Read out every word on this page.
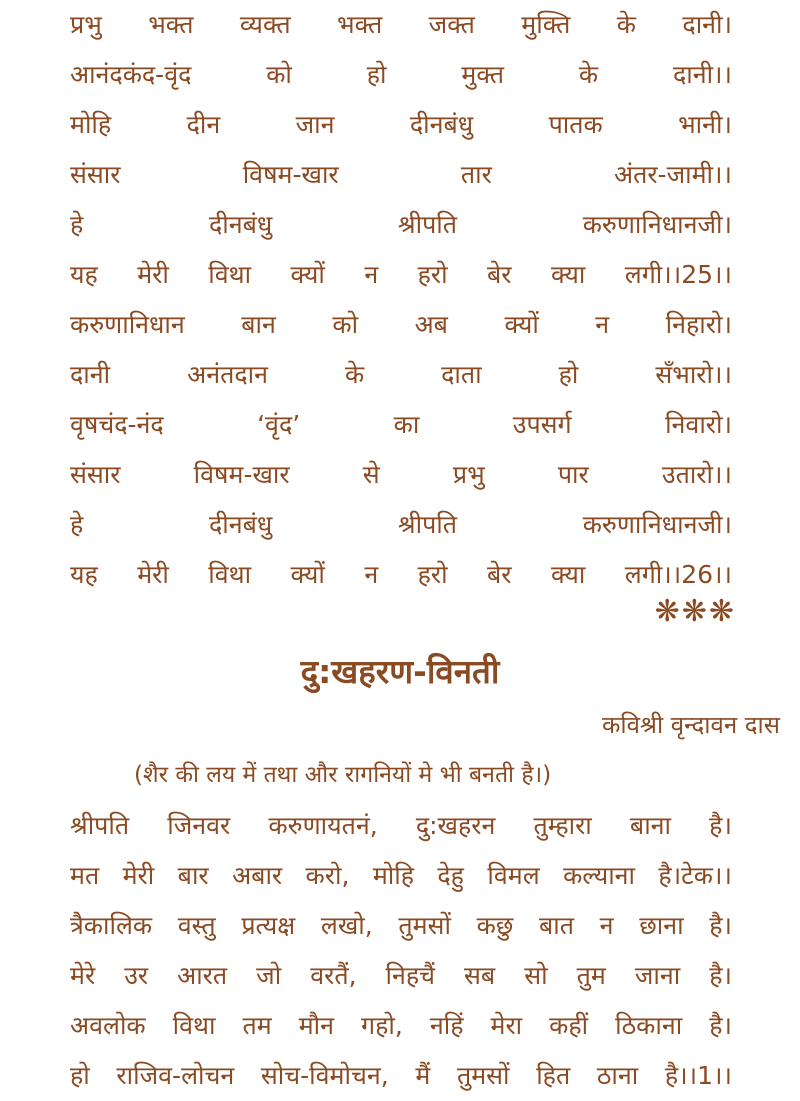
प्रभु भक्त व्यक्त भक्त जक्त मुक्ति के दानी।
आनंदकंद-वृंद	को	हो	मुक्त	के	दानी।।
मोहि	दीन	जान	दीनबंधु	पातक	भानी।
संसार	विषम-खार	तार	अंतर-जामी।।
हे	दीनबंधु	श्रीपति	करुणानिधानजी।
यह मेरी विथा क्यों न हरो बेर क्या लगी।।25।।
करुणानिधान बान को अब क्यों न निहारो।
दानी	अनंतदान	के	दाता	हो	सँभारो।।
वृषचंद-नंद	‘वृंद’	का	उपसर्ग	निवारो।
संसार	विषम-खार	से	प्रभु	पार	उतारो।।
हे	दीनबंधु	श्रीपति	करुणानिधानजी।
यह मेरी विथा क्यों न हरो बेर क्या लगी।।26।।
❋❋❋
दु:खहरण-विनती
कविश्री वृन्दावन दास
(शैर की लय में तथा और रागनियों मे भी बनती है।)
श्रीपति जिनवर करुणायतनं, दु:खहरन तुम्हारा बाना है।
मत मेरी बार अबार करो, मोहि देहु विमल कल्याना है।टेक।।
त्रैकालिक वस्तु प्रत्यक्ष लखो, तुमसों कछु बात न छाना है।
मेरे उर आरत जो वरतैं, निहचैं सब सो तुम जाना है।
अवलोक विथा तम मौन गहो, नहिं मेरा कहीं ठिकाना है।
हो राजिव-लोचन सोच-विमोचन, मैं तुमसों हित ठाना है।।1।।
